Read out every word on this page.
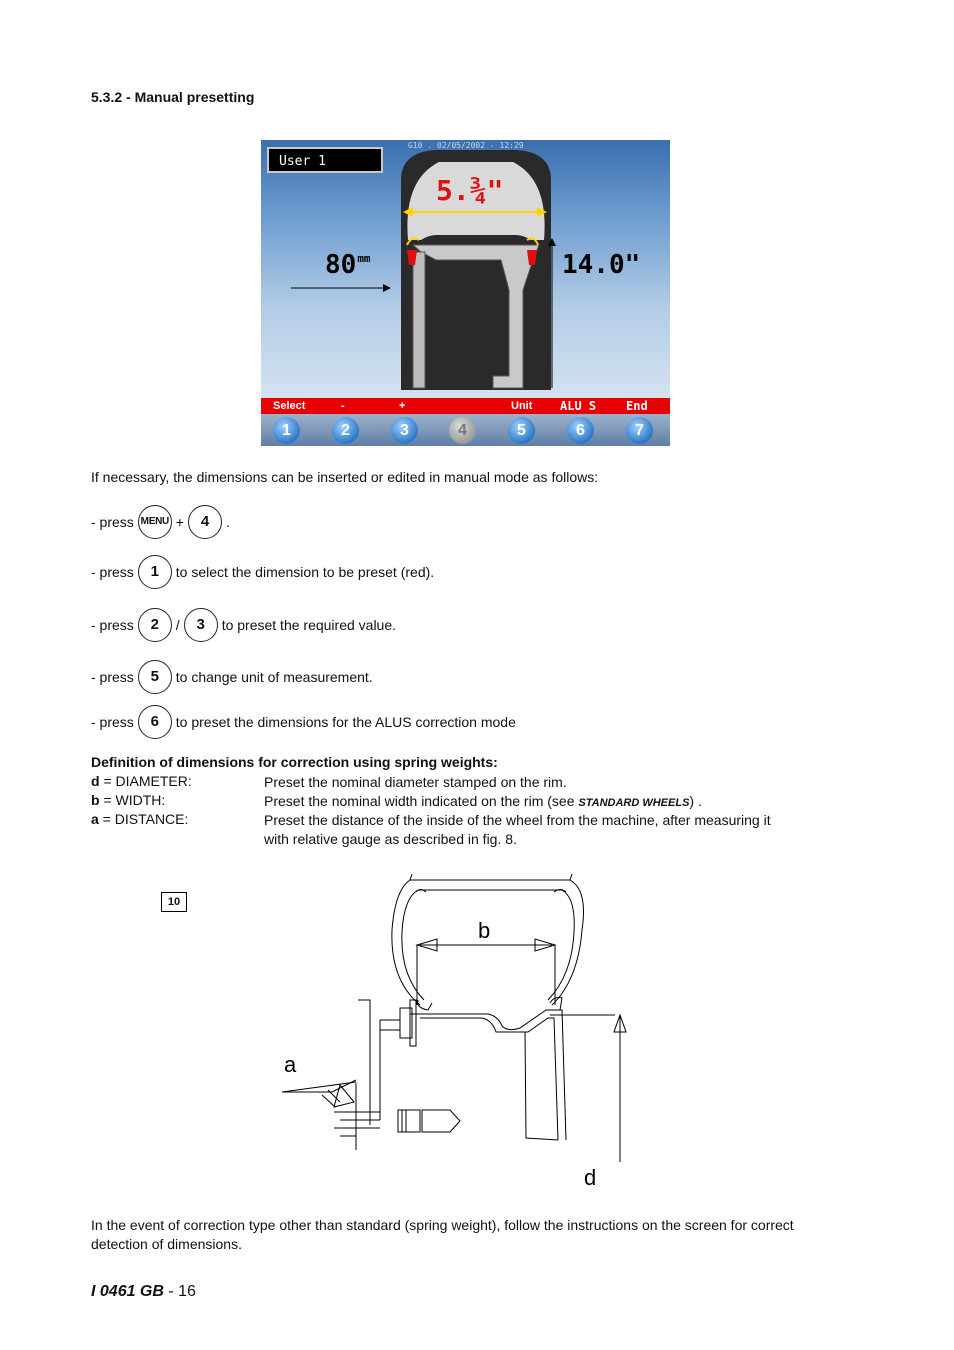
5.3.2 - Manual presetting
User 1
G10 . 02/05/2002 - 12:29
5.¾"
$80^{mm}$	14.0"
Select	-	+	Unit ALU S End
1	2	3	4	5	6	7
If necessary, the dimensions can be inserted or edited in manual mode as follows:
- press MENU +	4	.
- press	1	to select the dimension to be preset (red).
- press	2	/	3	to preset the required value.
- press	5	to change unit of measurement.
- press	6	to preset the dimensions for the ALUS correction mode
Definition of dimensions for correction using spring weights:
d = DIAMETER:	Preset the nominal diameter stamped on the rim.
b = WIDTH:	Preset the nominal width indicated on the rim (see STANDARD WHEELS) .
a = DISTANCE:	Preset the distance of the inside of the wheel from the machine, after measuring it with relative gauge as described in fig. 8.
10
b
a
d
In the event of correction type other than standard (spring weight), follow the instructions on the screen for correct detection of dimensions.
I 0461 GB - 16
